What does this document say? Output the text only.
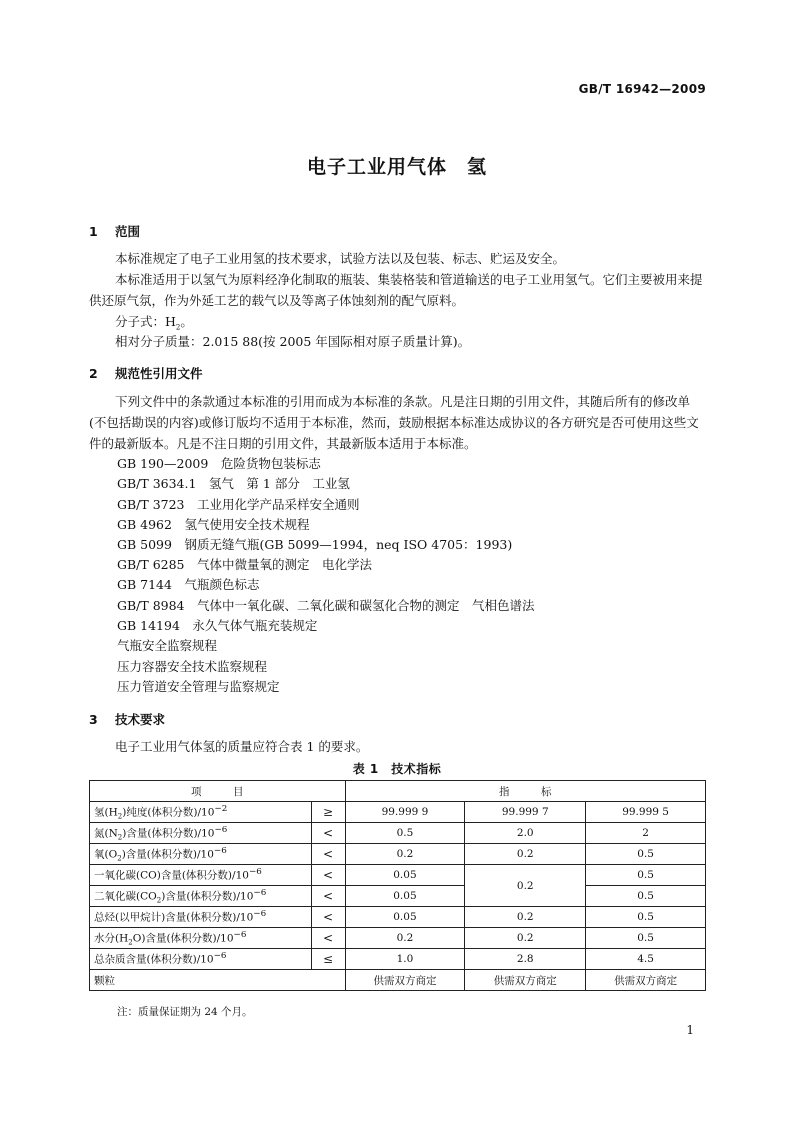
GB/T 16942—2009
电子工业用气体　氢
1 范围
本标准规定了电子工业用氢的技术要求，试验方法以及包装、标志、贮运及安全。
本标准适用于以氢气为原料经净化制取的瓶装、集装格装和管道输送的电子工业用氢气。它们主要被用来提供还原气氛，作为外延工艺的载气以及等离子体蚀刻剂的配气原料。
分子式：$H_2$。
相对分子质量：2.015 88(按 2005 年国际相对原子质量计算)。
2 规范性引用文件
下列文件中的条款通过本标准的引用而成为本标准的条款。凡是注日期的引用文件，其随后所有的修改单(不包括勘误的内容)或修订版均不适用于本标准，然而，鼓励根据本标准达成协议的各方研究是否可使用这些文件的最新版本。凡是不注日期的引用文件，其最新版本适用于本标准。
GB 190—2009　危险货物包装标志
GB/T 3634.1　氢气　第 1 部分　工业氢
GB/T 3723　工业用化学产品采样安全通则
GB 4962　氢气使用安全技术规程
GB 5099　钢质无缝气瓶(GB 5099—1994，neq ISO 4705：1993)
GB/T 6285　气体中微量氧的测定　电化学法
GB 7144　气瓶颜色标志
GB/T 8984　气体中一氧化碳、二氧化碳和碳氢化合物的测定　气相色谱法
GB 14194　永久气体气瓶充装规定
气瓶安全监察规程
压力容器安全技术监察规程
压力管道安全管理与监察规定
3 技术要求
电子工业用气体氢的质量应符合表 1 的要求。
表 1　技术指标
项　　　目		指　　　标		
氢$(H_2)$纯度(体积分数)$/10^{-2}$	≥	99.999 9	99.999 7	99.999 5
氮$(N_2)$含量(体积分数)$/10^{-6}$	<	0.5	2.0	2
氧$(O_2)$含量(体积分数)$/10^{-6}$	<	0.2	0.2	0.5
一氧化碳(CO)含量(体积分数)$/10^{-6}$	<	0.05	0.2	0.5
二氧化碳$(CO_2)$含量(体积分数)$/10^{-6}$	<	0.05		0.5
总烃(以甲烷计)含量(体积分数)$/10^{-6}$	<	0.05	0.2	0.5
水分$(H_2O)$含量(体积分数)$/10^{-6}$	<	0.2	0.2	0.5
总杂质含量(体积分数)$/10^{-6}$	≤	1.0	2.8	4.5
颗粒		供需双方商定	供需双方商定	供需双方商定
注：质量保证期为 24 个月。
1
